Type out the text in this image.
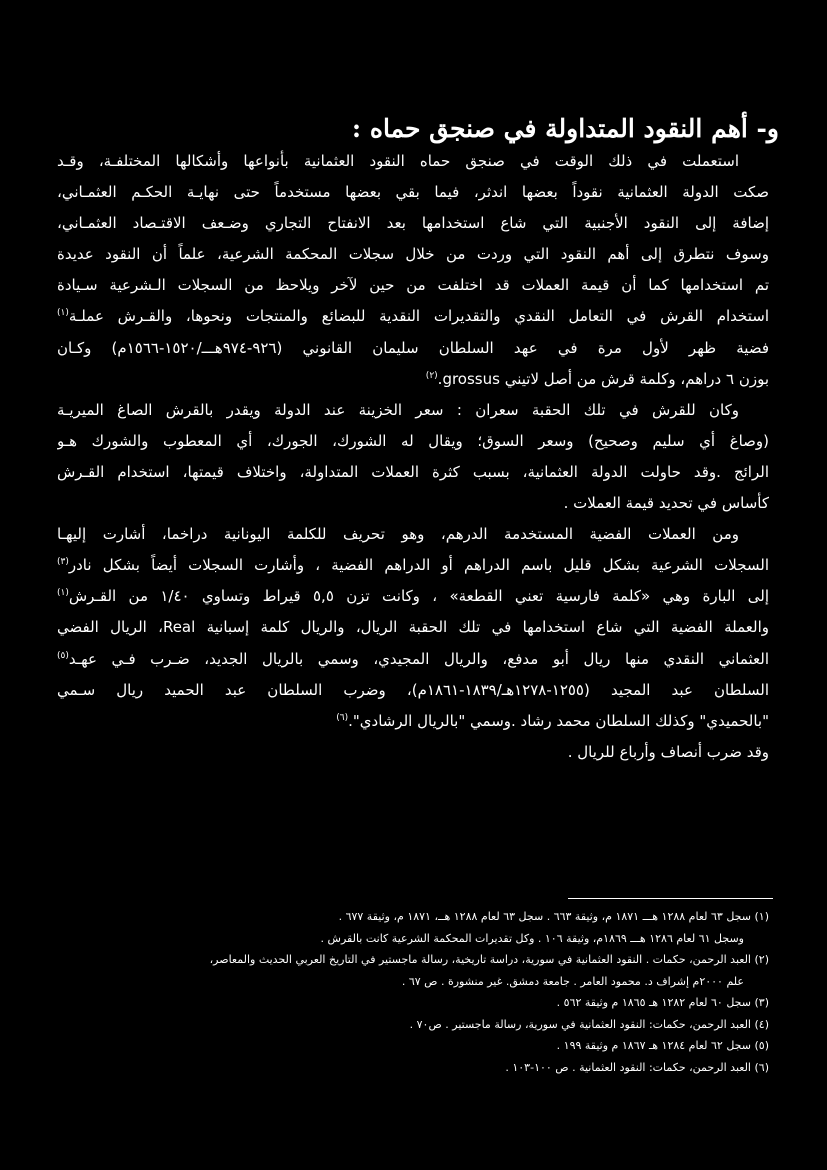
و- أهم النقود المتداولة في صنجق حماه :
استعملت في ذلك الوقت في صنجق حماه النقود العثمانية بأنواعها وأشكالها المختلفـة، وقـد
صكت الدولة العثمانية نقوداً بعضها اندثر، فيما بقي بعضها مستخدماً حتى نهايـة الحكـم العثمـاني،
إضافة إلى النقود الأجنبية التي شاع استخدامها بعد الانفتاح التجاري وضـعف الاقتـصاد العثمـاني،
وسوف نتطرق إلى أهم النقود التي وردت من خلال سجلات المحكمة الشرعية، علماً أن النقود عديدة
تم استخدامها كما أن قيمة العملات قد اختلفت من حين لآخر ويلاحظ من السجلات الـشرعية سـيادة
استخدام القرش في التعامل النقدي والتقديرات النقدية للبضائع والمنتجات ونحوها، والقـرش عملـة$^{(١)}$
فضية ظهر لأول مرة في عهد السلطان سليمان القانوني (٩٢٦-٩٧٤هـــ/١٥٢٠-١٥٦٦م) وكـان
بوزن ٦ دراهم، وكلمة قرش من أصل لاتيني grossus.$^{(٢)}$
وكان للقرش في تلك الحقبة سعران : سعر الخزينة عند الدولة ويقدر بالقرش الصاغ الميريـة
(وصاغ أي سليم وصحيح) وسعر السوق؛ ويقال له الشورك، الجورك، أي المعطوب والشورك هـو
الرائج .وقد حاولت الدولة العثمانية، بسبب كثرة العملات المتداولة، واختلاف قيمتها، استخدام القـرش
كأساس في تحديد قيمة العملات .
ومن العملات الفضية المستخدمة الدرهم، وهو تحريف للكلمة اليونانية دراخما، أشارت إليهـا
السجلات الشرعية بشكل قليل باسم الدراهم أو الدراهم الفضية ، وأشارت السجلات أيضاً بشكل نادر$^{(٣)}$
إلى البارة وهي «كلمة فارسية تعني القطعة» ، وكانت تزن ٥,٥ قيراط وتساوي ١/٤٠ من القـرش$^{(١)}$
والعملة الفضية التي شاع استخدامها في تلك الحقبة الريال، والريال كلمة إسبانية Real، الريال الفضي
العثماني النقدي منها ريال أبو مدفع، والريال المجيدي، وسمي بالريال الجديد، ضـرب فـي عهـد$^{(٥)}$
السلطان عبد المجيد (١٢٥٥-١٢٧٨هـ/١٨٣٩-١٨٦١م)، وضرب السلطان عبد الحميد ريال سـمي
"بالحميدي" وكذلك السلطان محمد رشاد .وسمي "بالريال الرشادي".$^{(٦)}$
وقد ضرب أنصاف وأرباع للريال .
(١) سجل ٦٣ لعام ١٢٨٨ هـــ ١٨٧١ م، وثيقة ٦٦٣ . سجل ٦٣ لعام ١٢٨٨ هــ، ١٨٧١ م، وثيقة ٦٧٧ .
وسجل ٦١ لعام ١٢٨٦ هـــ ١٨٦٩م، وثيقة ١٠٦ . وكل تقديرات المحكمة الشرعية كانت بالقرش .
(٢) العبد الرحمن، حكمات . النقود العثمانية في سورية، دراسة تاريخية، رسالة ماجستير في التاريخ العربي الحديث والمعاصر،
علم ٢٠٠٠م إشراف د. محمود العامر . جامعة دمشق. غير منشورة . ص ٦٧ .
(٣) سجل ٦٠ لعام ١٢٨٢ هـ ١٨٦٥ م وثيقة ٥٦٢ .
(٤) العبد الرحمن، حكمات: النقود العثمانية في سورية، رسالة ماجستير . ص٧٠ .
(٥) سجل ٦٢ لعام ١٢٨٤ هـ ١٨٦٧ م وثيقة ١٩٩ .
(٦) العبد الرحمن، حكمات: النقود العثمانية . ص ١٠٠-١٠٣ .
